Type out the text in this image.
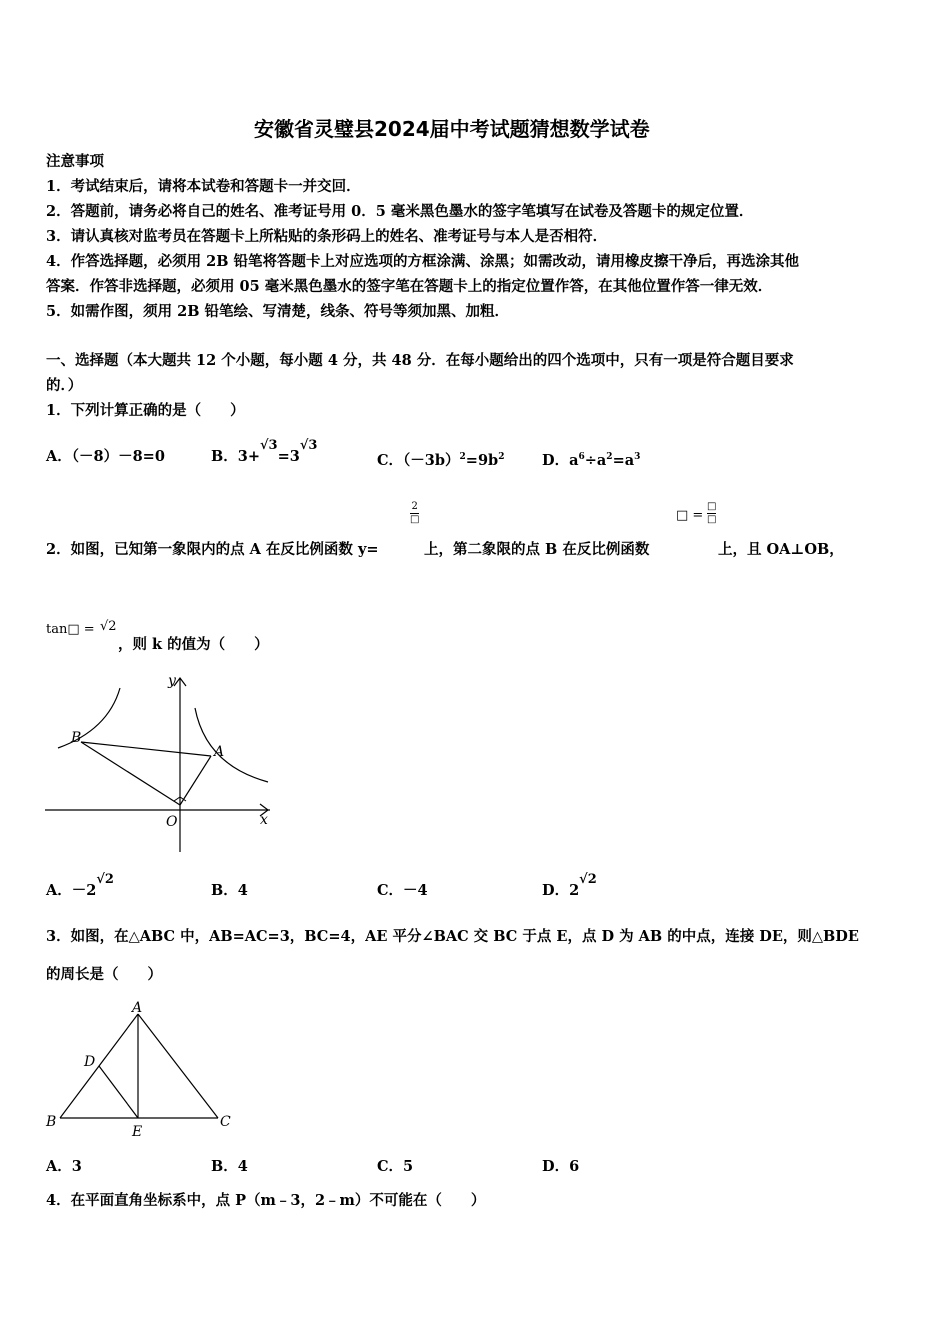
安徽省灵璧县2024届中考试题猜想数学试卷
注意事项
1．考试结束后，请将本试卷和答题卡一并交回．
2．答题前，请务必将自己的姓名、准考证号用 0．5 毫米黑色墨水的签字笔填写在试卷及答题卡的规定位置．
3．请认真核对监考员在答题卡上所粘贴的条形码上的姓名、准考证号与本人是否相符．
4．作答选择题，必须用 2B 铅笔将答题卡上对应选项的方框涂满、涂黑；如需改动，请用橡皮擦干净后，再选涂其他
答案．作答非选择题，必须用 05 毫米黑色墨水的签字笔在答题卡上的指定位置作答，在其他位置作答一律无效．
5．如需作图，须用 2B 铅笔绘、写清楚，线条、符号等须加黑、加粗．
一、选择题（本大题共 12 个小题，每小题 4 分，共 48 分．在每小题给出的四个选项中，只有一项是符合题目要求
的．）
1．下列计算正确的是（　　）
A．（－8）－8=0	B．3+√3=3√3
C．$(-3b)^2=9b^2$	D．$a^6\div a^2=a^3$
2
□	□ =
□
□
2．如图，已知第一象限内的点 A 在反比例函数 y=	上，第二象限的点 B 在反比例函数	上，且 OA⊥OB，
tan□ = √2
，则 k 的值为（　　）
y
x
O
A
B
A．－2√2
B．4	C．－4	D．2√2
3．如图，在△ABC 中，AB=AC=3，BC=4，AE 平分∠BAC 交 BC 于点 E，点 D 为 AB 的中点，连接 DE，则△BDE
的周长是（　　）
A
B	C
D
E
A．3	B．4	C．5	D．6
4．在平面直角坐标系中，点 P（m﹣3，2﹣m）不可能在（　　）
